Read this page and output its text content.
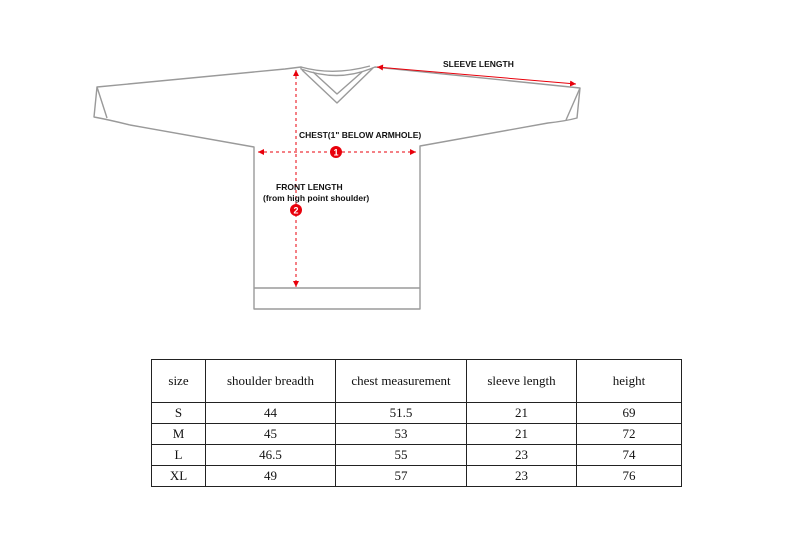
1
2
SLEEVE LENGTH
CHEST(1" BELOW ARMHOLE)
FRONT LENGTH
(from high point shoulder)
size	shoulder breadth	chest measurement	sleeve length	height
S	44	51.5	21	69
M	45	53	21	72
L	46.5	55	23	74
XL	49	57	23	76
